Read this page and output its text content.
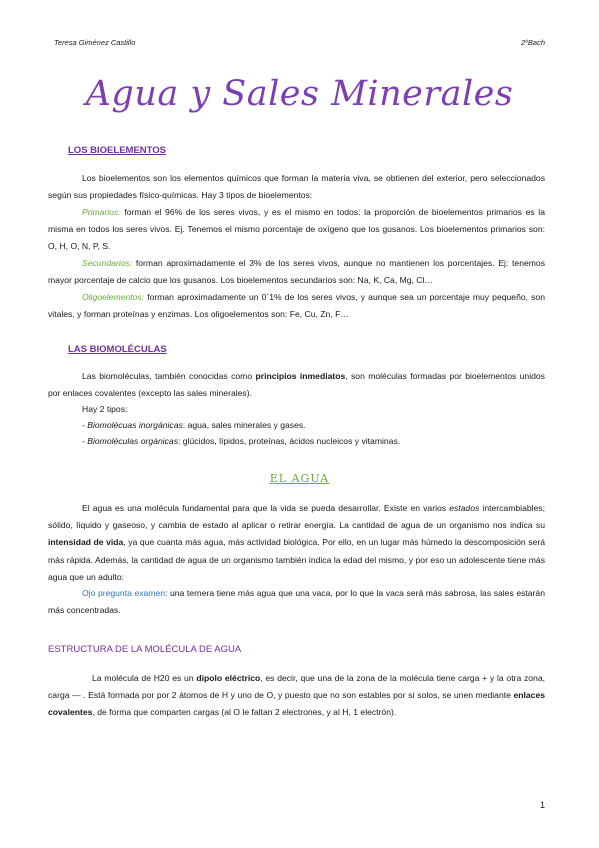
Teresa Giménez Castillo	2ºBach
Agua y Sales Minerales
LOS BIOELEMENTOS

Los bioelementos son los elementos químicos que forman la materia viva, se obtienen del exterior, pero seleccionados según sus propiedades físico-químicas. Hay 3 tipos de bioelementos:

Primarios: forman el 96% de los seres vivos, y es el mismo en todos: la proporción de bioelementos primarios es la misma en todos los seres vivos. Ej. Tenemos el mismo porcentaje de oxígeno que los gusanos. Los bioelementos primarios son: O, H, O, N, P, S.

Secundarios: forman aproximadamente el 3% de los seres vivos, aunque no mantienen los porcentajes. Ej: tenemos mayor porcentaje de calcio que los gusanos. Los bioelementos secundarios son: Na, K, Ca, Mg, Cl…

Oligoelementos: forman aproximadamente un 0´1% de los seres vivos, y aunque sea un porcentaje muy pequeño, son vitales, y forman proteínas y enzimas. Los oligoelementos son: Fe, Cu, Zn, F…

LAS BIOMOLÉCULAS

Las biomoléculas, también conocidas como principios inmediatos, son moléculas formadas por bioelementos unidos por enlaces covalentes (excepto las sales minerales).

Hay 2 tipos:

- Biomolécuas inorgánicas: agua, sales minerales y gases.
- Biomoléculas orgánicas: glúcidos, lípidos, proteínas, ácidos nucleicos y vitaminas.
EL AGUA

El agua es una molécula fundamental para que la vida se pueda desarrollar. Existe en varios estados intercambiables; sólido, líquido y gaseoso, y cambia de estado al aplicar o retirar energía. La cantidad de agua de un organismo nos indica su intensidad de vida, ya que cuanta más agua, más actividad biológica. Por ello, en un lugar más húmedo la descomposición será más rápida. Además, la cantidad de agua de un organismo también indica la edad del mismo, y por eso un adolescente tiene más agua que un adulto:

Ojo pregunta examen: una ternera tiene más agua que una vaca, por lo que la vaca será más sabrosa, las sales estarán más concentradas.

ESTRUCTURA DE LA MOLÉCULA DE AGUA

La molécula de H20 es un dipolo eléctrico, es decir, que una de la zona de la molécula tiene carga + y la otra zona, carga — . Está formada por por 2 átomos de H y uno de O, y puesto que no son estables por sí solos, se unen mediante enlaces covalentes, de forma que comparten cargas (al O le faltan 2 electrones, y al H, 1 electrón).

1
